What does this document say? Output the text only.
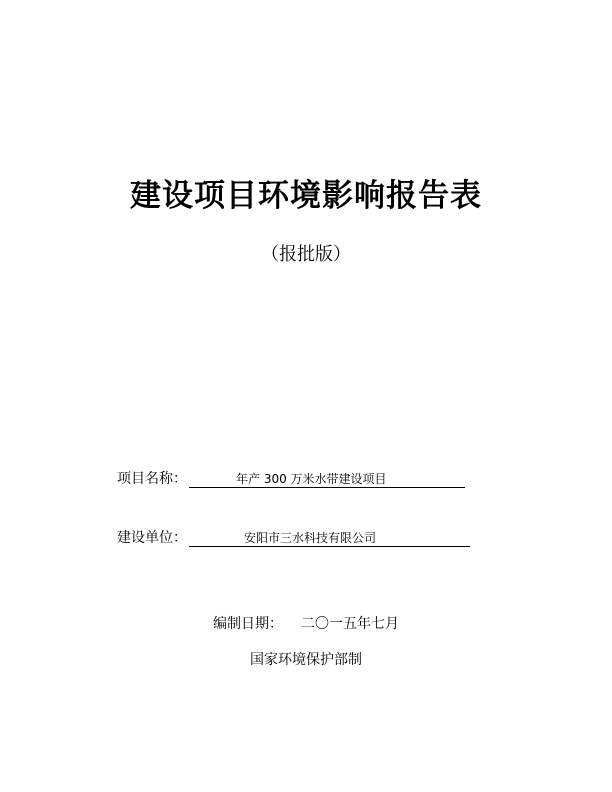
建设项目环境影响报告表
（报批版）
项目名称：	年产 300 万米水带建设项目
建设单位：	安阳市三水科技有限公司
编制日期： 二〇一五年七月
国家环境保护部制
